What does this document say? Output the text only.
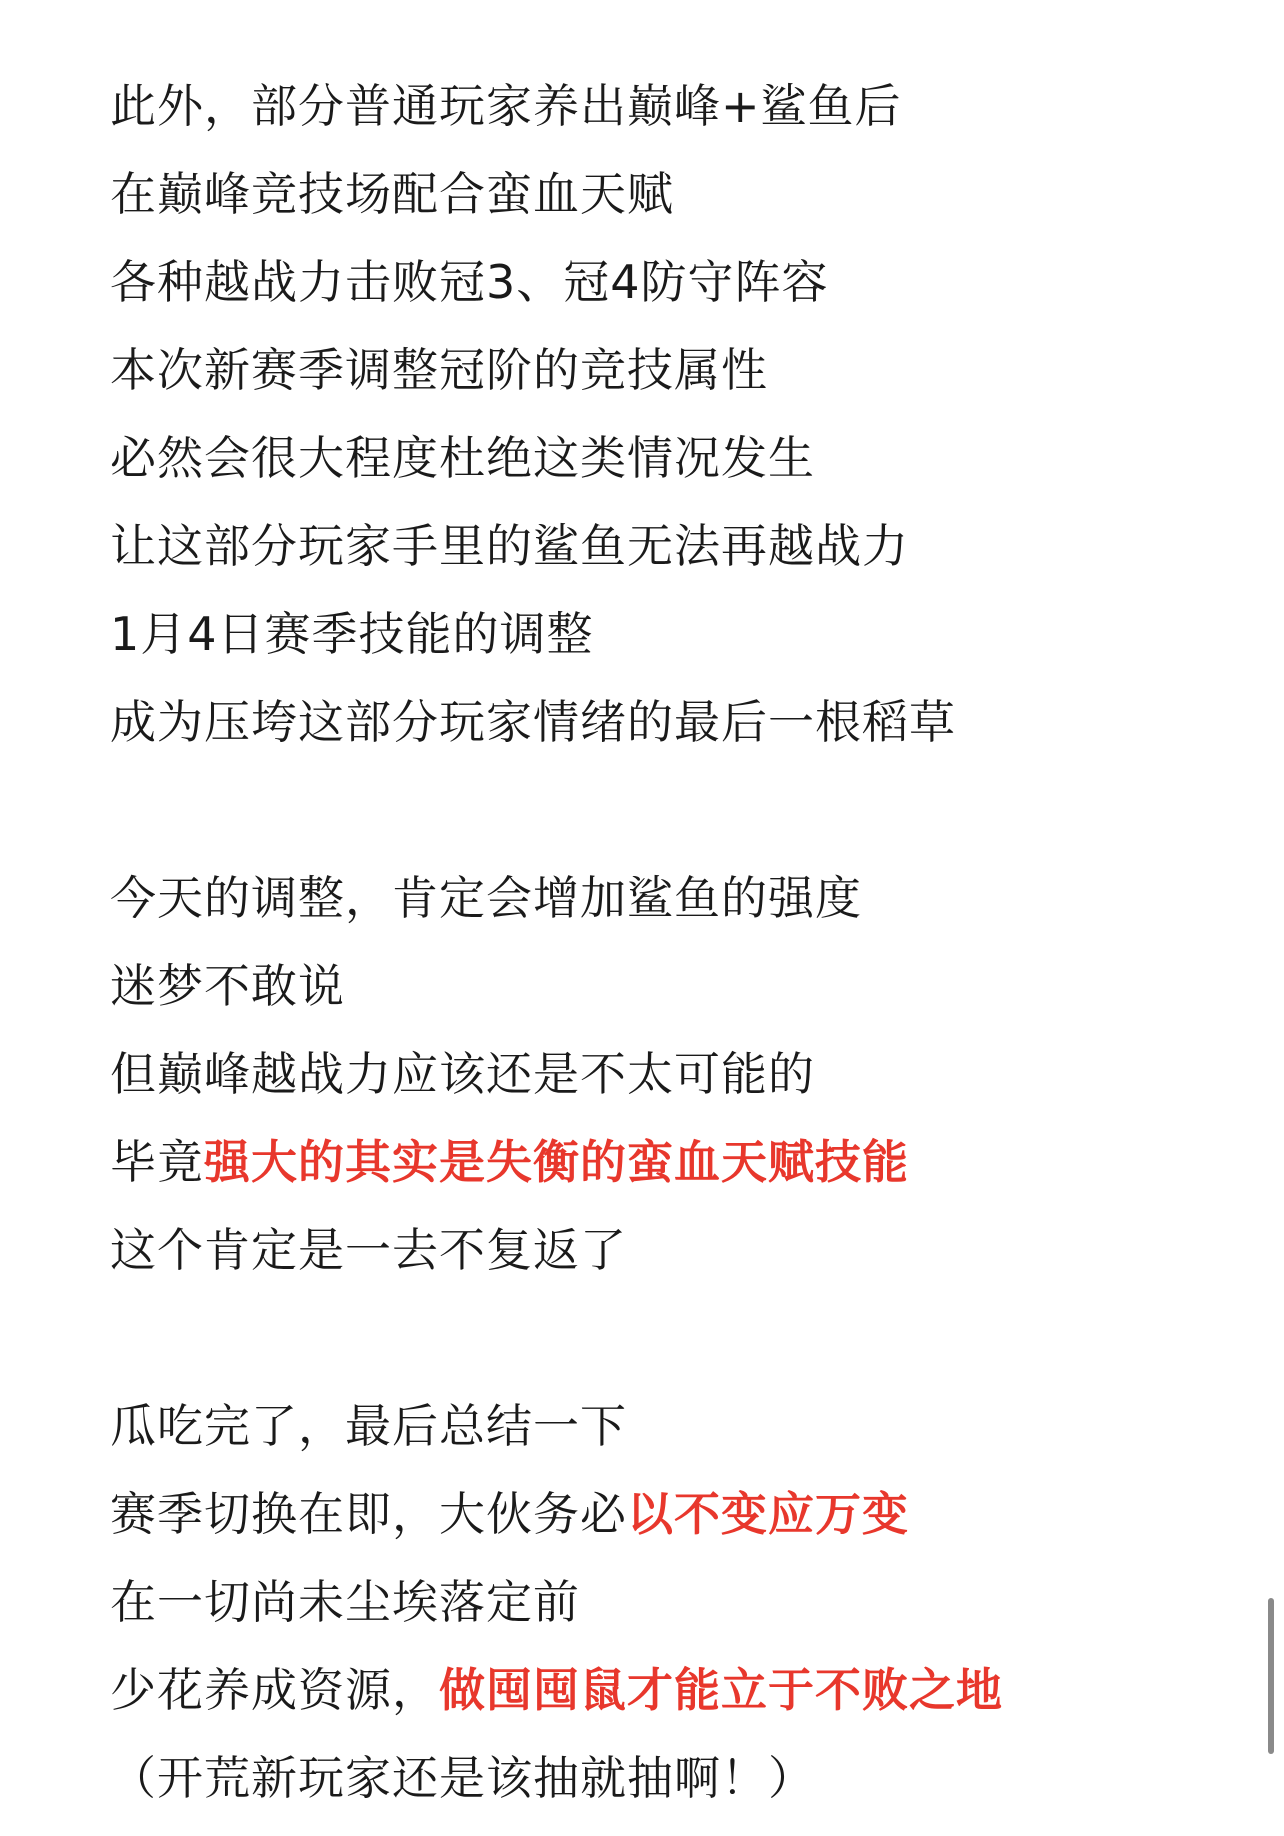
此外，部分普通玩家养出巅峰+鲨鱼后
在巅峰竞技场配合蛮血天赋
各种越战力击败冠3、冠4防守阵容
本次新赛季调整冠阶的竞技属性
必然会很大程度杜绝这类情况发生
让这部分玩家手里的鲨鱼无法再越战力
1月4日赛季技能的调整
成为压垮这部分玩家情绪的最后一根稻草
今天的调整，肯定会增加鲨鱼的强度
迷梦不敢说
但巅峰越战力应该还是不太可能的
毕竟强大的其实是失衡的蛮血天赋技能
这个肯定是一去不复返了
瓜吃完了，最后总结一下
赛季切换在即，大伙务必以不变应万变
在一切尚未尘埃落定前
少花养成资源，做囤囤鼠才能立于不败之地
（开荒新玩家还是该抽就抽啊！）
